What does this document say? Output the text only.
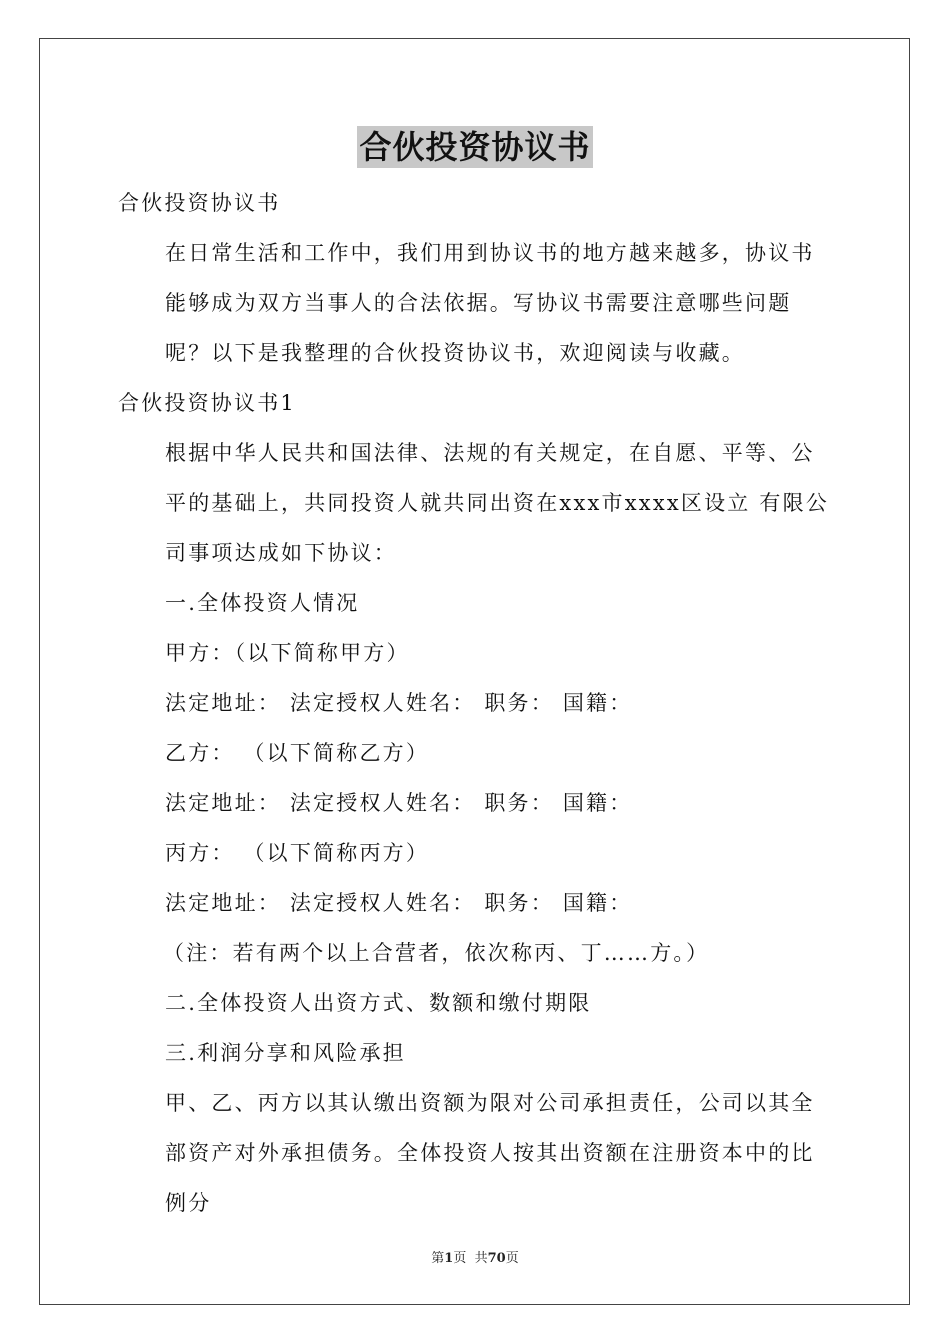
合伙投资协议书

合伙投资协议书

在日常生活和工作中，我们用到协议书的地方越来越多，协议书能够成为双方当事人的合法依据。写协议书需要注意哪些问题呢？以下是我整理的合伙投资协议书，欢迎阅读与收藏。

合伙投资协议书1

根据中华人民共和国法律、法规的有关规定，在自愿、平等、公平的基础上，共同投资人就共同出资在xxx市xxxx区设立 有限公司事项达成如下协议：

一.全体投资人情况

甲方：（以下简称甲方）

法定地址： 法定授权人姓名： 职务： 国籍：

乙方： （以下简称乙方）

法定地址： 法定授权人姓名： 职务： 国籍：

丙方： （以下简称丙方）

法定地址： 法定授权人姓名： 职务： 国籍：

（注：若有两个以上合营者，依次称丙、丁……方。）

二.全体投资人出资方式、数额和缴付期限

三.利润分享和风险承担

甲、乙、丙方以其认缴出资额为限对公司承担责任，公司以其全部资产对外承担债务。全体投资人按其出资额在注册资本中的比例分

第1页  共70页
